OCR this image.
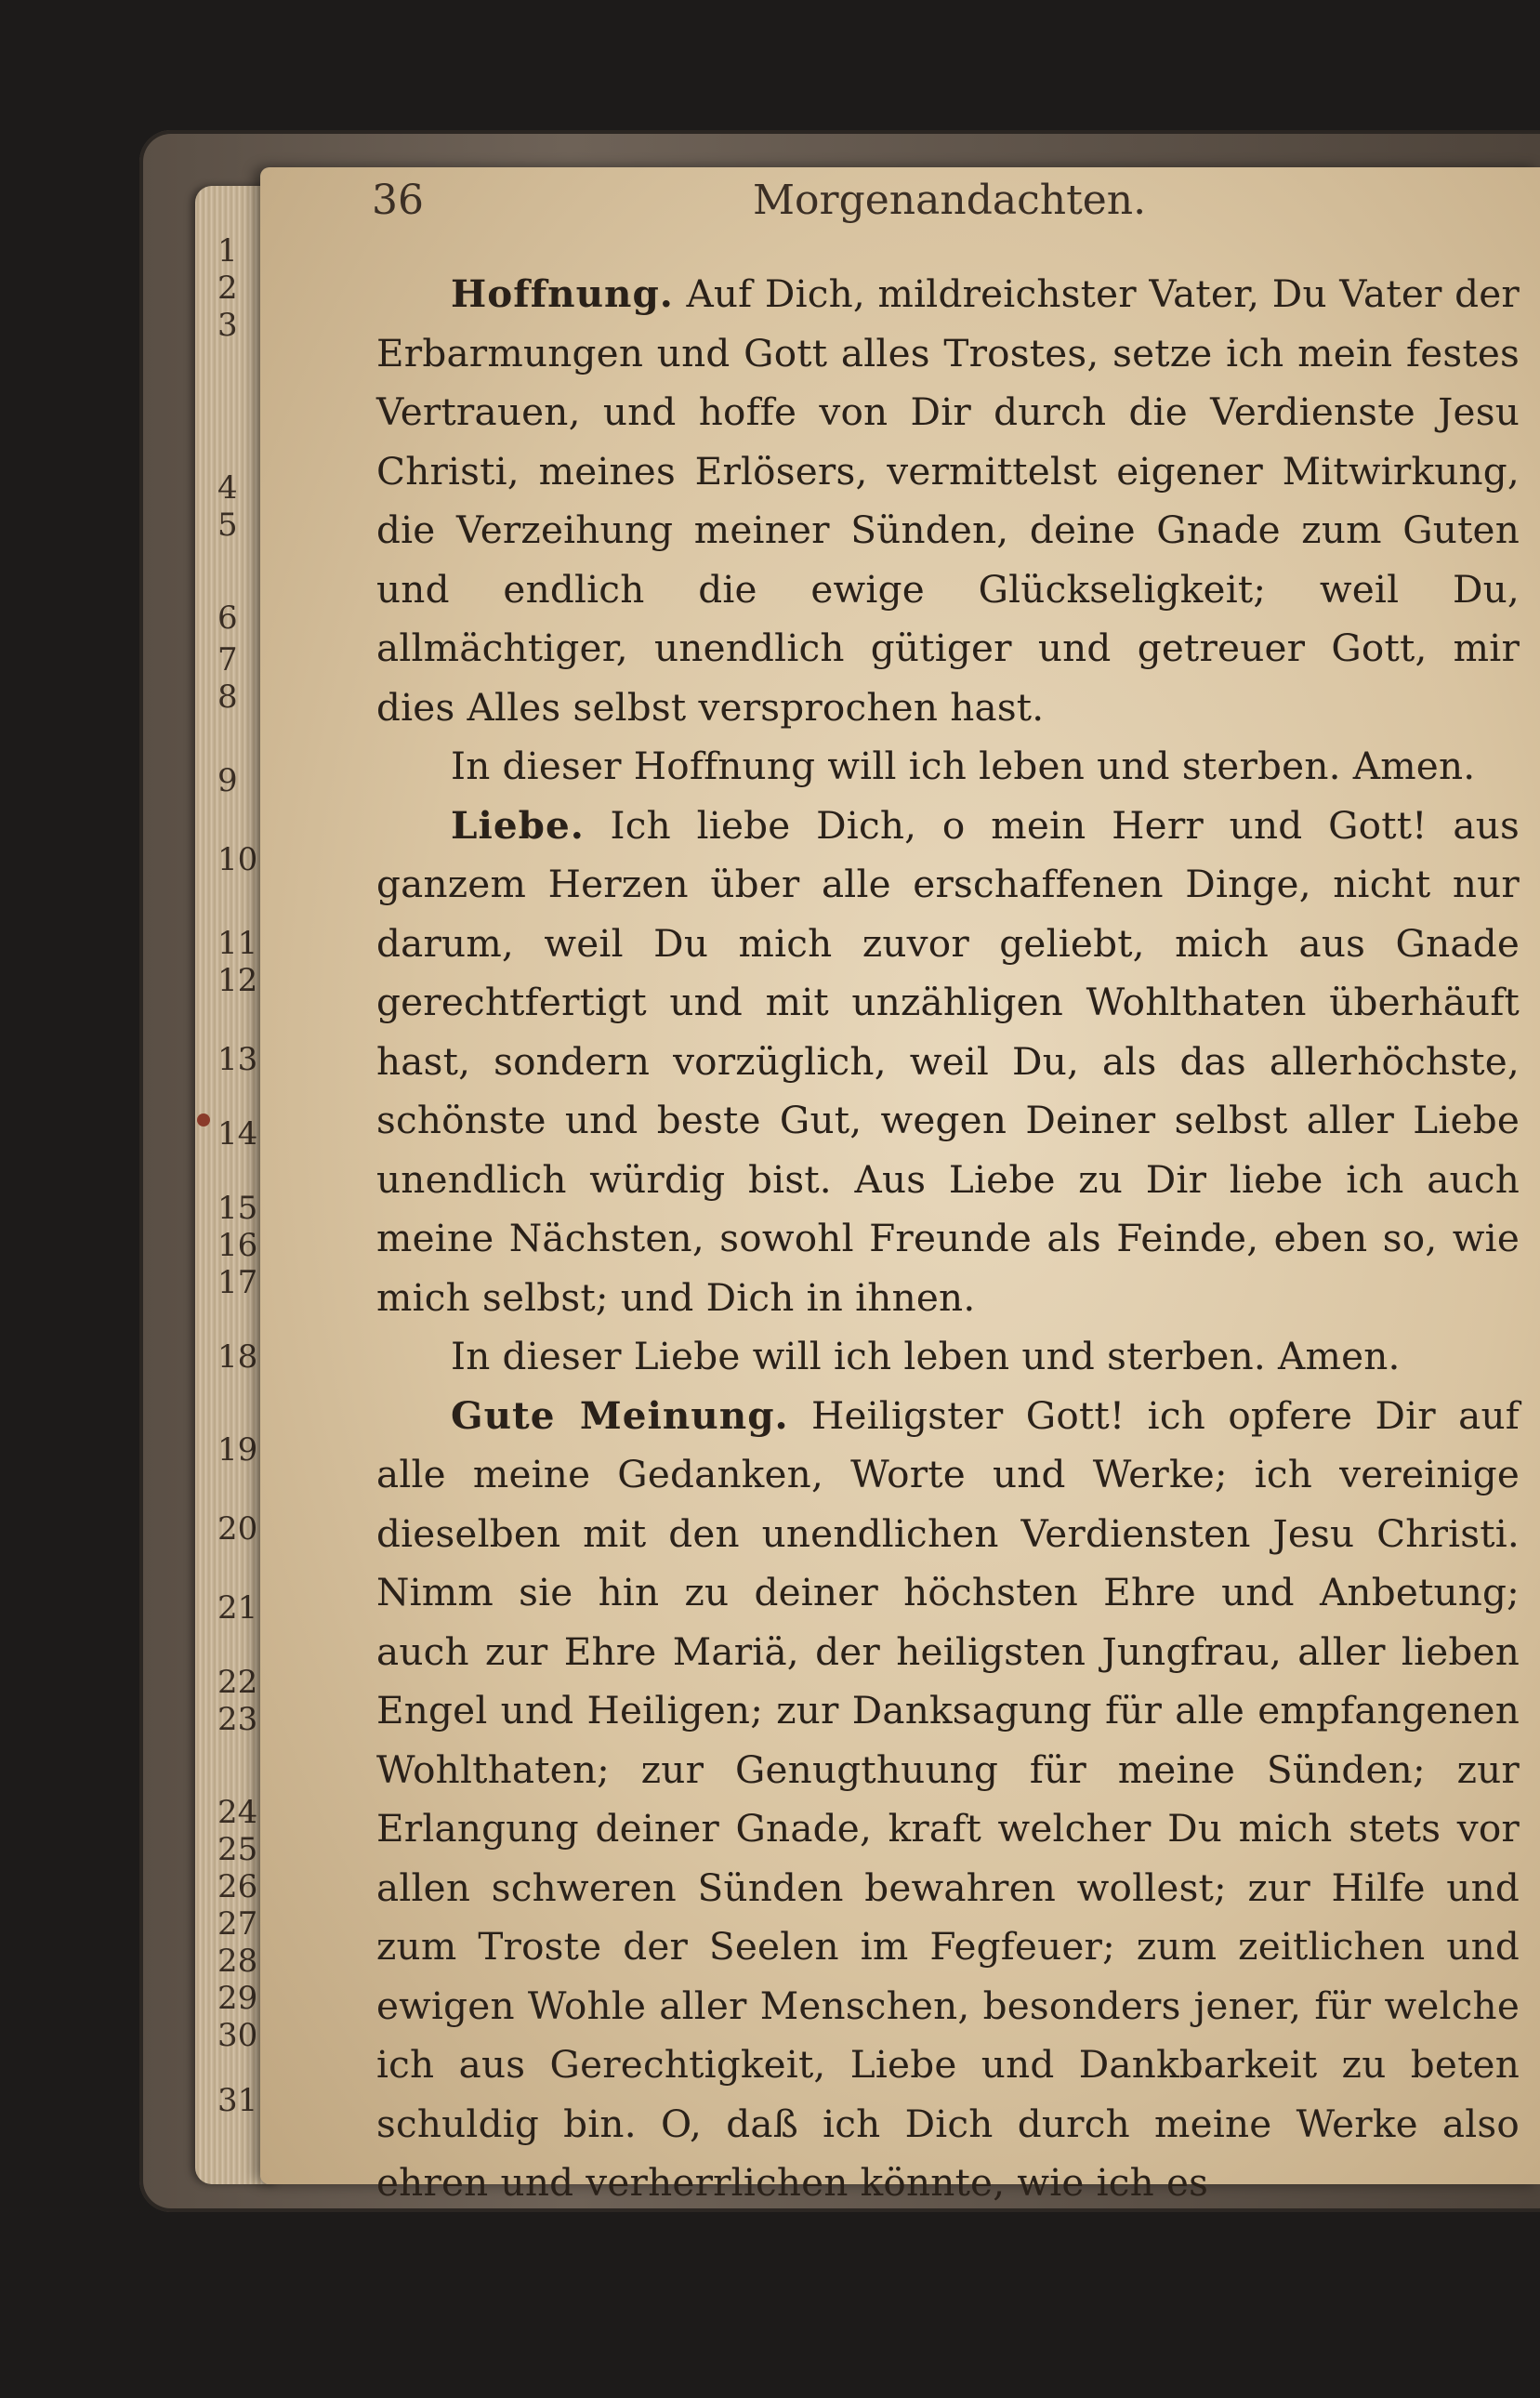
1
2
3
4
5
6
7
8
9
10
11
12
13
14
15
16
17
18
19
20
21
22
23
24
25
26
27
28
29
30
31
36	Morgenandachten.

Hoffnung. Auf Dich, mildreichster Vater, Du Vater der Erbarmungen und Gott alles Trostes, setze ich mein festes Vertrauen, und hoffe von Dir durch die Verdienste Jesu Christi, meines Erlösers, vermittelst eigener Mitwirkung, die Verzeihung meiner Sünden, deine Gnade zum Guten und endlich die ewige Glückseligkeit; weil Du, allmächtiger, unendlich gütiger und getreuer Gott, mir dies Alles selbst versprochen hast.

In dieser Hoffnung will ich leben und sterben. Amen.

Liebe. Ich liebe Dich, o mein Herr und Gott! aus ganzem Herzen über alle erschaffenen Dinge, nicht nur darum, weil Du mich zuvor geliebt, mich aus Gnade gerechtfertigt und mit unzähligen Wohlthaten überhäuft hast, sondern vorzüglich, weil Du, als das allerhöchste, schönste und beste Gut, wegen Deiner selbst aller Liebe unendlich würdig bist. Aus Liebe zu Dir liebe ich auch meine Nächsten, sowohl Freunde als Feinde, eben so, wie mich selbst; und Dich in ihnen.

In dieser Liebe will ich leben und sterben. Amen.

Gute Meinung. Heiligster Gott! ich opfere Dir auf alle meine Gedanken, Worte und Werke; ich vereinige dieselben mit den unendlichen Verdiensten Jesu Christi. Nimm sie hin zu deiner höchsten Ehre und Anbetung; auch zur Ehre Mariä, der heiligsten Jungfrau, aller lieben Engel und Heiligen; zur Danksagung für alle empfangenen Wohlthaten; zur Genugthuung für meine Sünden; zur Erlangung deiner Gnade, kraft welcher Du mich stets vor allen schweren Sünden bewahren wollest; zur Hilfe und zum Troste der Seelen im Fegfeuer; zum zeitlichen und ewigen Wohle aller Menschen, besonders jener, für welche ich aus Gerechtigkeit, Liebe und Dankbarkeit zu beten schuldig bin. O, daß ich Dich durch meine Werke also ehren und verherrlichen könnte, wie ich es
